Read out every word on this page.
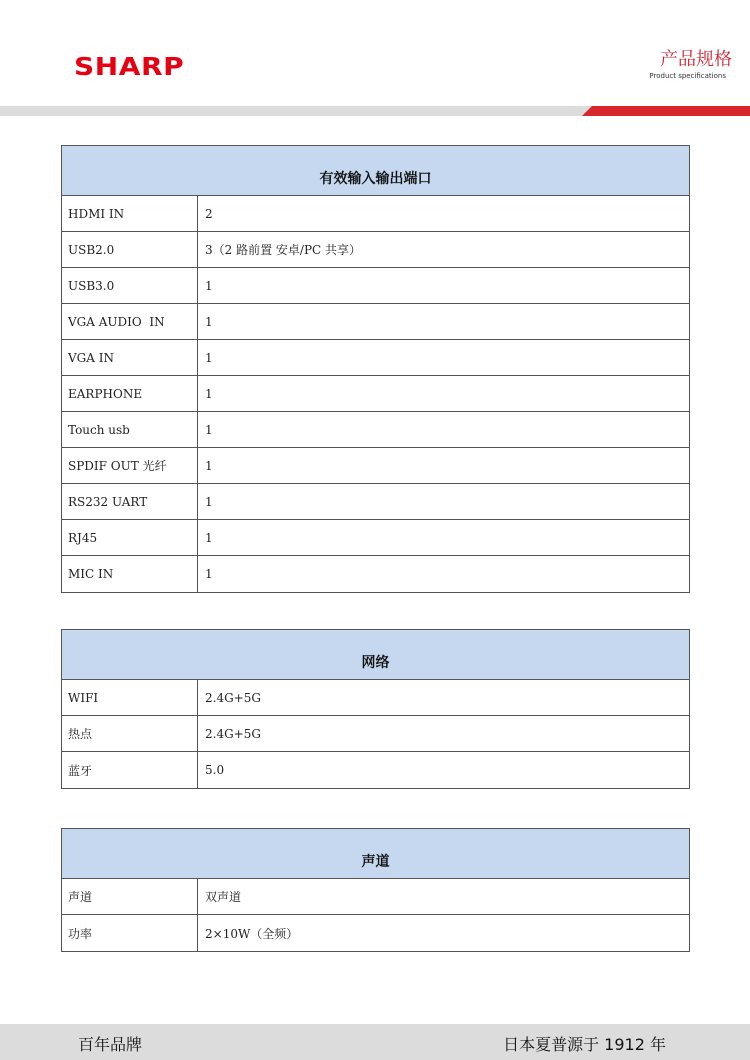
SHARP	产品规格
Product specifications
有效输入输出端口
HDMI IN	2
USB2.0	3（2 路前置 安卓/PC 共享）
USB3.0	1
VGA AUDIO  IN	1
VGA IN	1
EARPHONE	1
Touch usb	1
SPDIF OUT 光纤	1
RS232 UART	1
RJ45	1
MIC IN	1
网络
WIFI	2.4G+5G
热点	2.4G+5G
蓝牙	5.0
声道
声道	双声道
功率	2×10W（全频）
百年品牌	日本夏普源于 1912 年
